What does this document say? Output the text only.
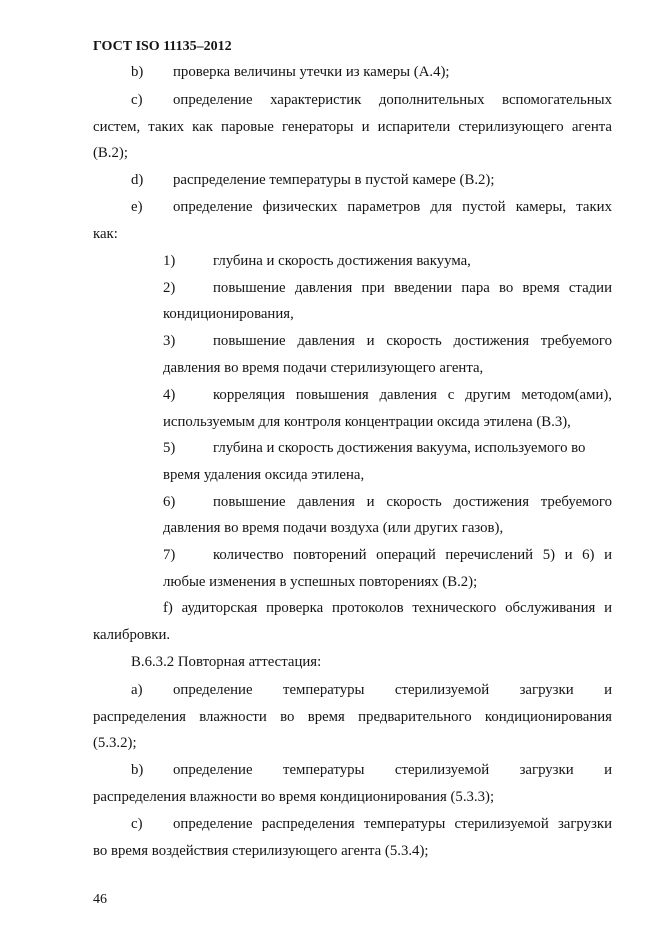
ГОСТ ISO 11135–2012
b) проверка величины утечки из камеры (А.4);
c) определение характеристик дополнительных вспомогательных
систем, таких как паровые генераторы и испарители стерилизующего агента
(В.2);
d) распределение температуры в пустой камере (В.2);
e) определение физических параметров для пустой камеры, таких
как:
1)	глубина и скорость достижения вакуума,
2)	повышение давления при введении пара во время стадии
кондиционирования,
3)	повышение давления и скорость достижения требуемого
давления во время подачи стерилизующего агента,
4)	корреляция повышения давления с другим методом(ами),
используемым для контроля концентрации оксида этилена (В.3),
5)	глубина и скорость достижения вакуума, используемого во
время удаления оксида этилена,
6)	повышение давления и скорость достижения требуемого
давления во время подачи воздуха (или других газов),
7)	количество повторений операций перечислений 5) и 6) и
любые изменения в успешных повторениях (В.2);
f) аудиторская проверка протоколов технического обслуживания и
калибровки.
В.6.3.2 Повторная аттестация:
a) определение температуры стерилизуемой загрузки и
распределения влажности во время предварительного кондиционирования
(5.3.2);
b) определение температуры стерилизуемой загрузки и
распределения влажности во время кондиционирования (5.3.3);
c) определение распределения температуры стерилизуемой загрузки
во время воздействия стерилизующего агента (5.3.4);
46
